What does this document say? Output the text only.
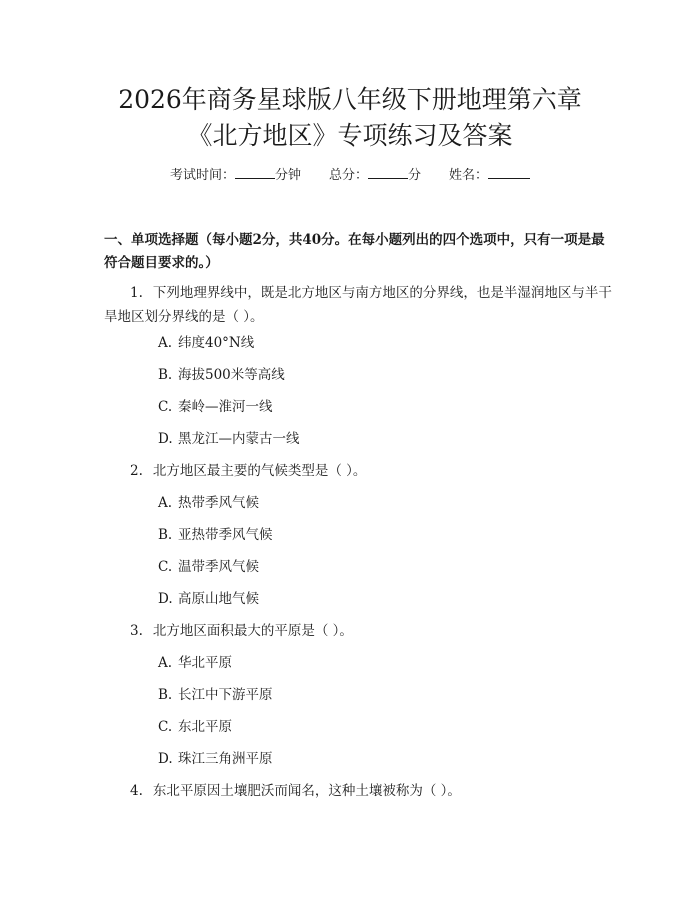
2026年商务星球版八年级下册地理第六章
《北方地区》专项练习及答案
考试时间：	分钟 总分：	分 姓名：
一、单项选择题（每小题2分，共40分。在每小题列出的四个选项中，只有一项是最符合题目要求的。）
1. 下列地理界线中，既是北方地区与南方地区的分界线，也是半湿润地区与半干旱地区划分界线的是（ ）。
A. 纬度40°N线
B. 海拔500米等高线
C. 秦岭—淮河一线
D. 黑龙江—内蒙古一线
2. 北方地区最主要的气候类型是（ ）。
A. 热带季风气候
B. 亚热带季风气候
C. 温带季风气候
D. 高原山地气候
3. 北方地区面积最大的平原是（ ）。
A. 华北平原
B. 长江中下游平原
C. 东北平原
D. 珠江三角洲平原
4. 东北平原因土壤肥沃而闻名，这种土壤被称为（ ）。
